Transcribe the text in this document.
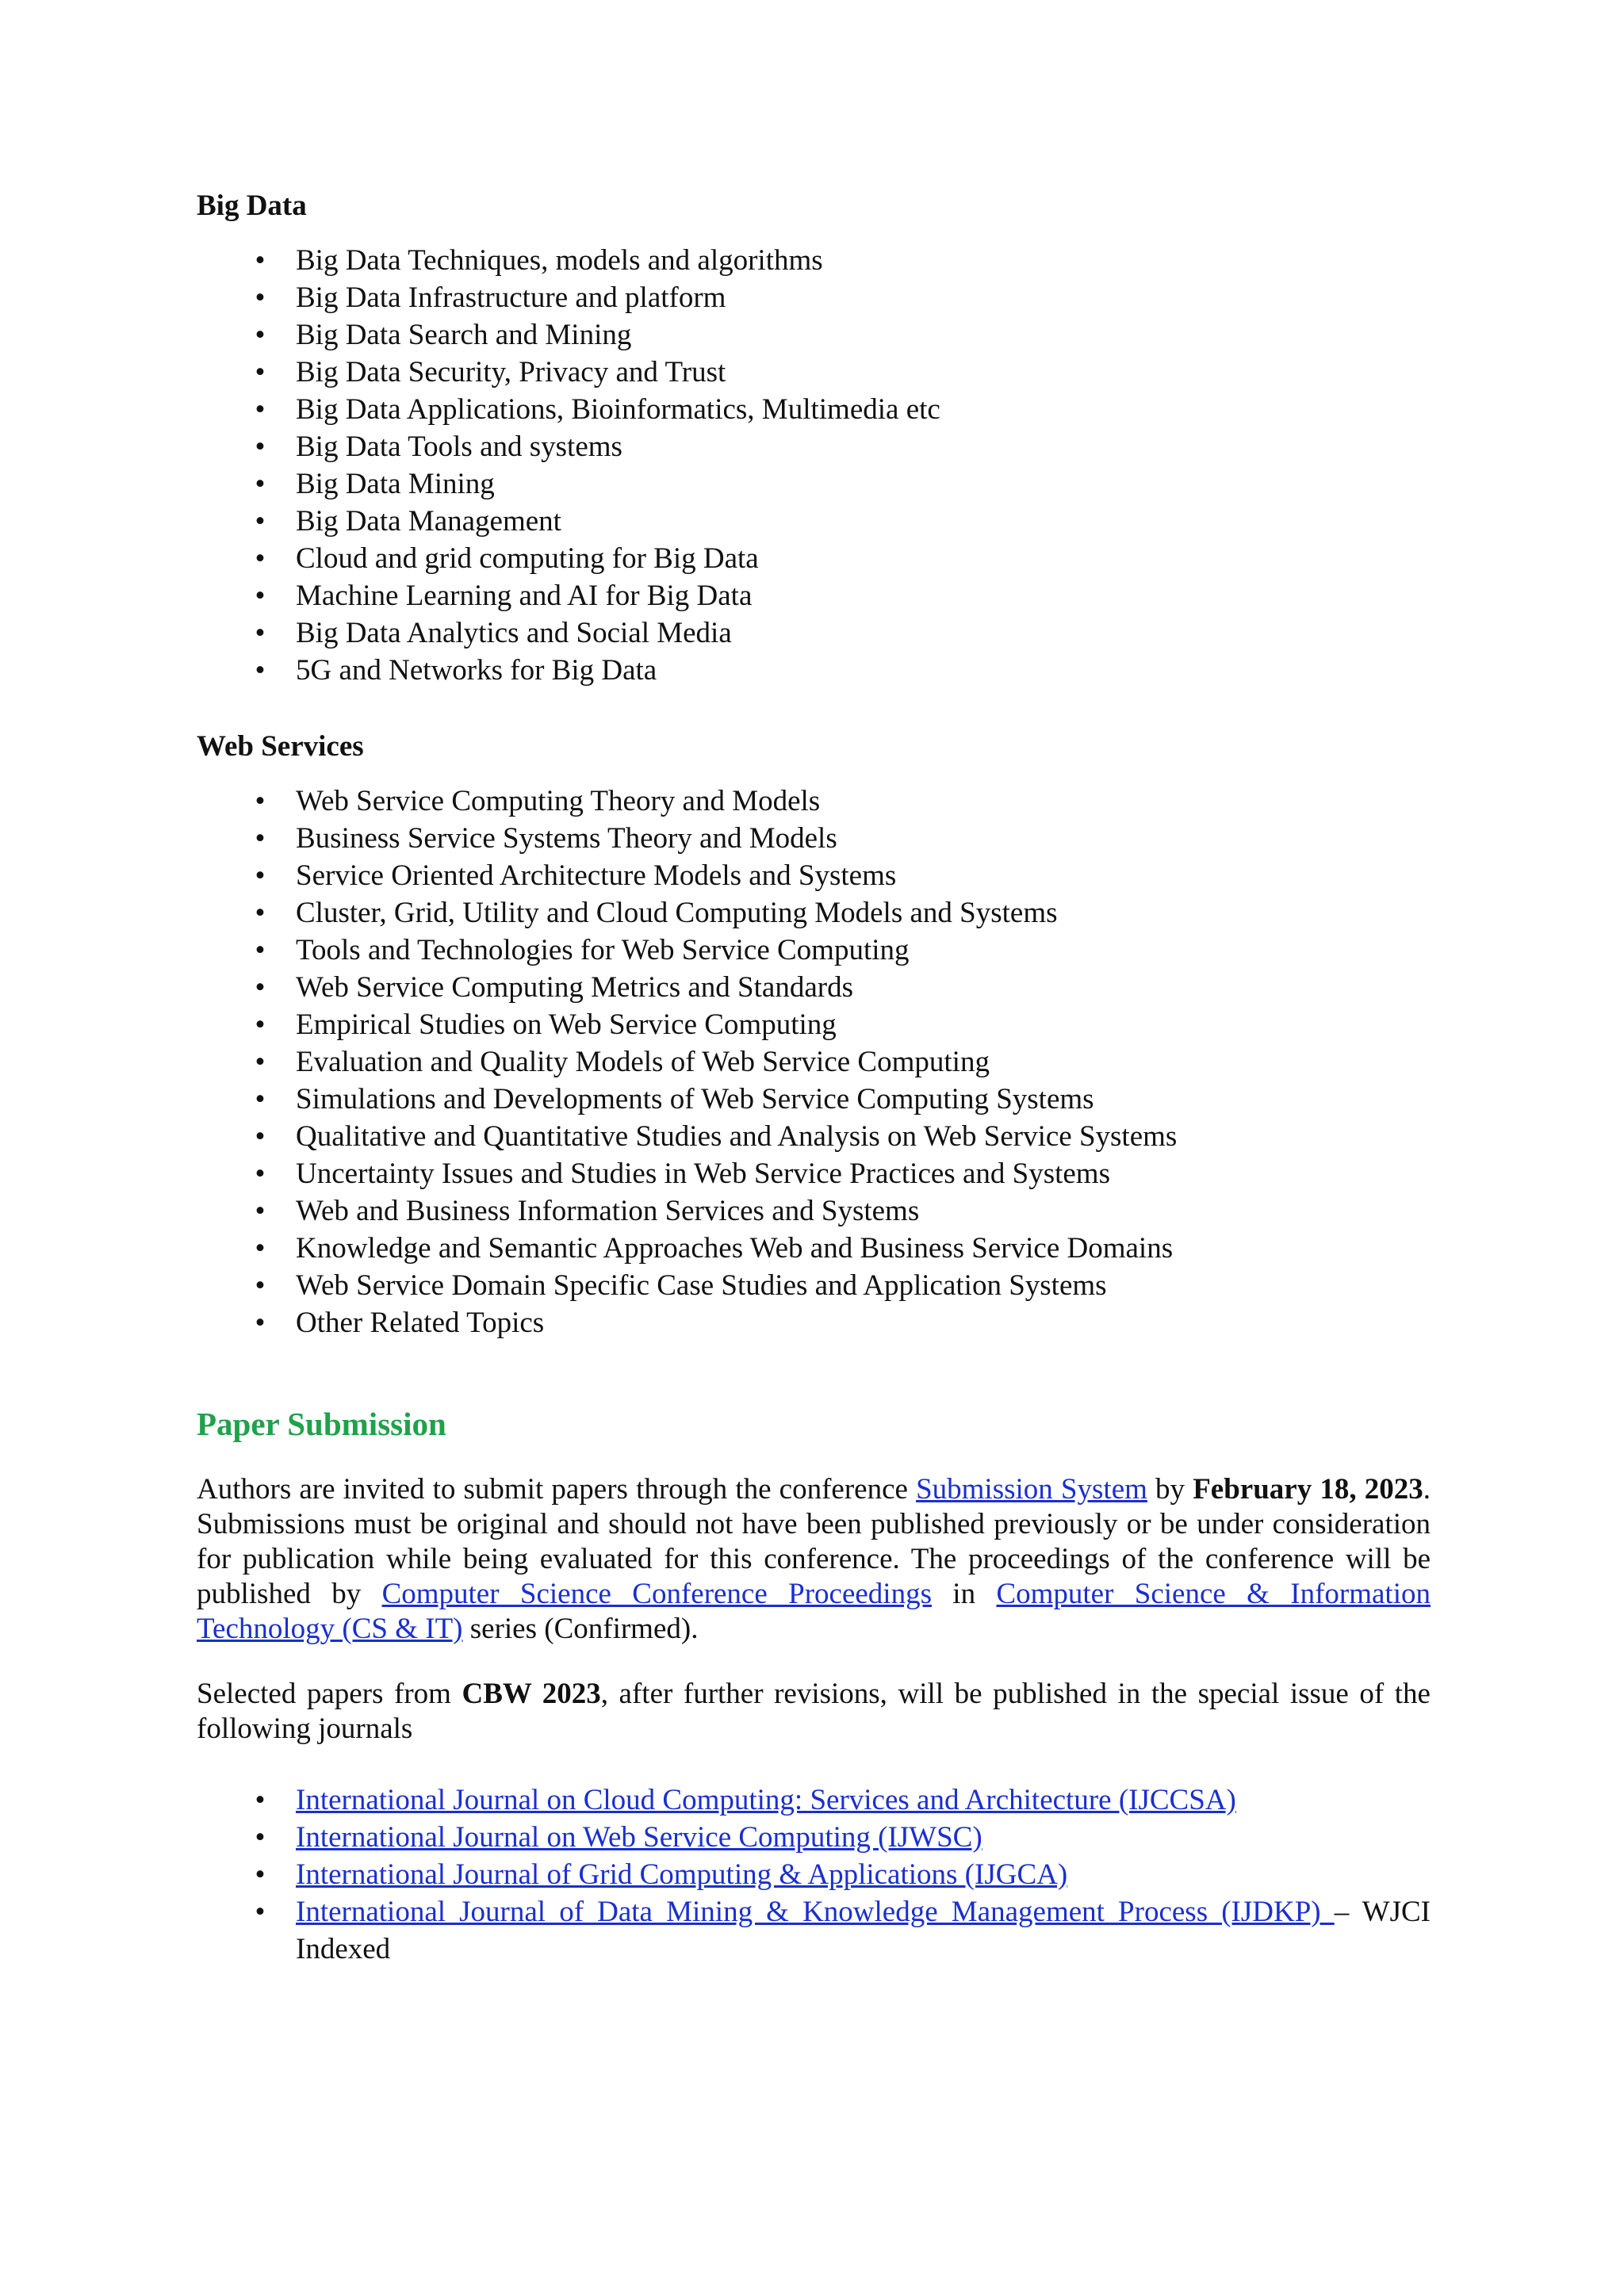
Big Data
• Big Data Techniques, models and algorithms
• Big Data Infrastructure and platform
• Big Data Search and Mining
• Big Data Security, Privacy and Trust
• Big Data Applications, Bioinformatics, Multimedia etc
• Big Data Tools and systems
• Big Data Mining
• Big Data Management
• Cloud and grid computing for Big Data
• Machine Learning and AI for Big Data
• Big Data Analytics and Social Media
• 5G and Networks for Big Data
Web Services
• Web Service Computing Theory and Models
• Business Service Systems Theory and Models
• Service Oriented Architecture Models and Systems
• Cluster, Grid, Utility and Cloud Computing Models and Systems
• Tools and Technologies for Web Service Computing
• Web Service Computing Metrics and Standards
• Empirical Studies on Web Service Computing
• Evaluation and Quality Models of Web Service Computing
• Simulations and Developments of Web Service Computing Systems
• Qualitative and Quantitative Studies and Analysis on Web Service Systems
• Uncertainty Issues and Studies in Web Service Practices and Systems
• Web and Business Information Services and Systems
• Knowledge and Semantic Approaches Web and Business Service Domains
• Web Service Domain Specific Case Studies and Application Systems
• Other Related Topics
Paper Submission

Authors are invited to submit papers through the conference Submission System by February 18, 2023. Submissions must be original and should not have been published previously or be under consideration for publication while being evaluated for this conference. The proceedings of the conference will be published by Computer Science Conference Proceedings in Computer Science & Information Technology (CS & IT) series (Confirmed).

Selected papers from CBW 2023, after further revisions, will be published in the special issue of the following journals

• International Journal on Cloud Computing: Services and Architecture (IJCCSA)
• International Journal on Web Service Computing (IJWSC)
• International Journal of Grid Computing & Applications (IJGCA)
• International Journal of Data Mining & Knowledge Management Process (IJDKP) – WJCI Indexed
